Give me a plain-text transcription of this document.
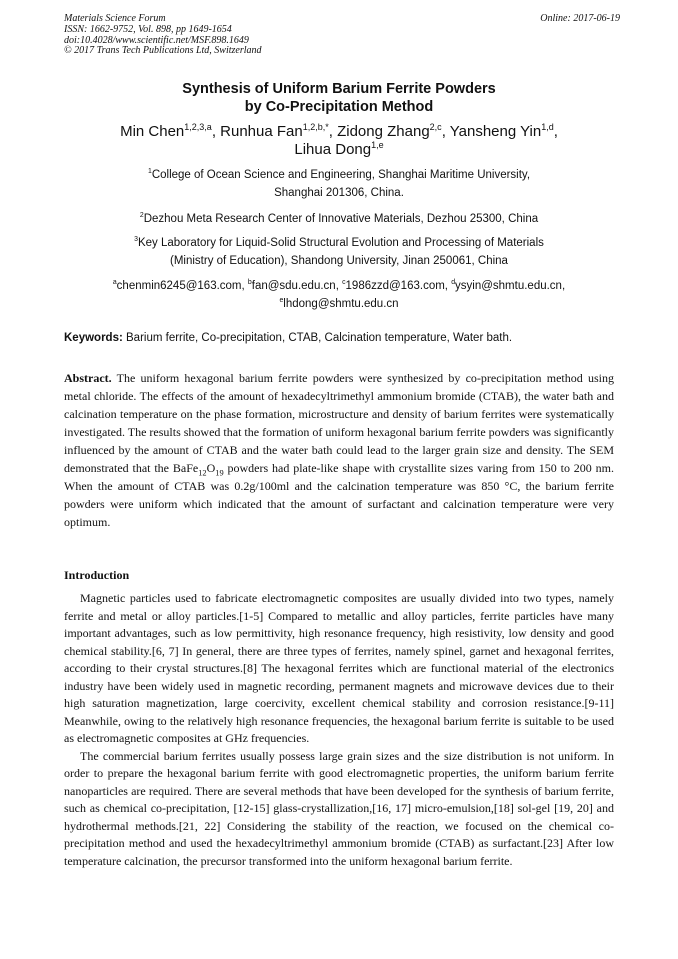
Materials Science Forum
ISSN: 1662-9752, Vol. 898, pp 1649-1654
doi:10.4028/www.scientific.net/MSF.898.1649
© 2017 Trans Tech Publications Ltd, Switzerland
Online: 2017-06-19
Synthesis of Uniform Barium Ferrite Powders
by Co-Precipitation Method
Min Chen$^{1,2,3,a}$, Runhua Fan$^{1,2,b,*}$, Zidong Zhang$^{2,c}$, Yansheng Yin$^{1,d}$,
Lihua Dong$^{1,e}$
$^1$College of Ocean Science and Engineering, Shanghai Maritime University,
Shanghai 201306, China.
$^2$Dezhou Meta Research Center of Innovative Materials, Dezhou 25300, China
$^3$Key Laboratory for Liquid-Solid Structural Evolution and Processing of Materials
(Ministry of Education), Shandong University, Jinan 250061, China
$^a$chenmin6245@163.com, $^b$fan@sdu.edu.cn, $^c$1986zzd@163.com, $^d$ysyin@shmtu.edu.cn,
$^e$lhdong@shmtu.edu.cn
Keywords: Barium ferrite, Co-precipitation, CTAB, Calcination temperature, Water bath.
Abstract. The uniform hexagonal barium ferrite powders were synthesized by co-precipitation method using metal chloride. The effects of the amount of hexadecyltrimethyl ammonium bromide (CTAB), the water bath and calcination temperature on the phase formation, microstructure and density of barium ferrites were systematically investigated. The results showed that the formation of uniform hexagonal barium ferrite powders was significantly influenced by the amount of CTAB and the water bath could lead to the larger grain size and density. The SEM demonstrated that the $BaFe_{12}O_{19}$ powders had plate-like shape with crystallite sizes varing from 150 to 200 nm. When the amount of CTAB was 0.2g/100ml and the calcination temperature was 850 °C, the barium ferrite powders were uniform which indicated that the amount of surfactant and calcination temperature were very optimum.
Introduction

Magnetic particles used to fabricate electromagnetic composites are usually divided into two types, namely ferrite and metal or alloy particles.[1-5] Compared to metallic and alloy particles, ferrite particles have many important advantages, such as low permittivity, high resonance frequency, high resistivity, low density and good chemical stability.[6, 7] In general, there are three types of ferrites, namely spinel, garnet and hexagonal ferrites, according to their crystal structures.[8] The hexagonal ferrites which are functional material of the electronics industry have been widely used in magnetic recording, permanent magnets and microwave devices due to their high saturation magnetization, large coercivity, excellent chemical stability and corrosion resistance.[9-11] Meanwhile, owing to the relatively high resonance frequencies, the hexagonal barium ferrite is suitable to be used as electromagnetic composites at GHz frequencies.

The commercial barium ferrites usually possess large grain sizes and the size distribution is not uniform. In order to prepare the hexagonal barium ferrite with good electromagnetic properties, the uniform barium ferrite nanoparticles are required. There are several methods that have been developed for the synthesis of barium ferrite, such as chemical co-precipitation, [12-15] glass-crystallization,[16, 17] micro-emulsion,[18] sol-gel [19, 20] and hydrothermal methods.[21, 22] Considering the stability of the reaction, we focused on the chemical co-precipitation method and used the hexadecyltrimethyl ammonium bromide (CTAB) as surfactant.[23] After low temperature calcination, the precursor transformed into the uniform hexagonal barium ferrite.
